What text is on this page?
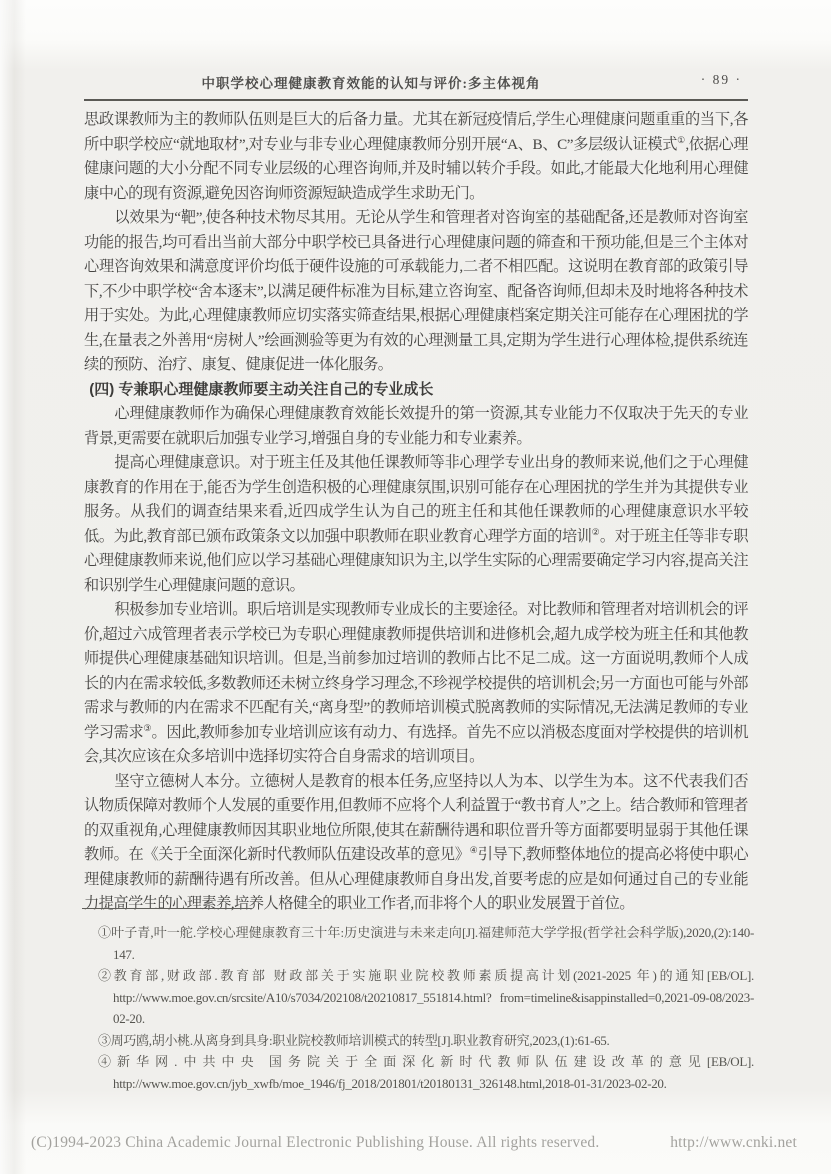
中职学校心理健康教育效能的认知与评价:多主体视角	· 89 ·

思政课教师为主的教师队伍则是巨大的后备力量。尤其在新冠疫情后,学生心理健康问题重重的当下,各所中职学校应“就地取材”,对专业与非专业心理健康教师分别开展“A、B、C”多层级认证模式①,依据心理健康问题的大小分配不同专业层级的心理咨询师,并及时辅以转介手段。如此,才能最大化地利用心理健康中心的现有资源,避免因咨询师资源短缺造成学生求助无门。

以效果为“靶”,使各种技术物尽其用。无论从学生和管理者对咨询室的基础配备,还是教师对咨询室功能的报告,均可看出当前大部分中职学校已具备进行心理健康问题的筛查和干预功能,但是三个主体对心理咨询效果和满意度评价均低于硬件设施的可承载能力,二者不相匹配。这说明在教育部的政策引导下,不少中职学校“舍本逐末”,以满足硬件标准为目标,建立咨询室、配备咨询师,但却未及时地将各种技术用于实处。为此,心理健康教师应切实落实筛查结果,根据心理健康档案定期关注可能存在心理困扰的学生,在量表之外善用“房树人”绘画测验等更为有效的心理测量工具,定期为学生进行心理体检,提供系统连续的预防、治疗、康复、健康促进一体化服务。

(四) 专兼职心理健康教师要主动关注自己的专业成长

心理健康教师作为确保心理健康教育效能长效提升的第一资源,其专业能力不仅取决于先天的专业背景,更需要在就职后加强专业学习,增强自身的专业能力和专业素养。

提高心理健康意识。对于班主任及其他任课教师等非心理学专业出身的教师来说,他们之于心理健康教育的作用在于,能否为学生创造积极的心理健康氛围,识别可能存在心理困扰的学生并为其提供专业服务。从我们的调查结果来看,近四成学生认为自己的班主任和其他任课教师的心理健康意识水平较低。为此,教育部已颁布政策条文以加强中职教师在职业教育心理学方面的培训②。对于班主任等非专职心理健康教师来说,他们应以学习基础心理健康知识为主,以学生实际的心理需要确定学习内容,提高关注和识别学生心理健康问题的意识。

积极参加专业培训。职后培训是实现教师专业成长的主要途径。对比教师和管理者对培训机会的评价,超过六成管理者表示学校已为专职心理健康教师提供培训和进修机会,超九成学校为班主任和其他教师提供心理健康基础知识培训。但是,当前参加过培训的教师占比不足二成。这一方面说明,教师个人成长的内在需求较低,多数教师还未树立终身学习理念,不珍视学校提供的培训机会;另一方面也可能与外部需求与教师的内在需求不匹配有关,“离身型”的教师培训模式脱离教师的实际情况,无法满足教师的专业学习需求③。因此,教师参加专业培训应该有动力、有选择。首先不应以消极态度面对学校提供的培训机会,其次应该在众多培训中选择切实符合自身需求的培训项目。

坚守立德树人本分。立德树人是教育的根本任务,应坚持以人为本、以学生为本。这不代表我们否认物质保障对教师个人发展的重要作用,但教师不应将个人利益置于“教书育人”之上。结合教师和管理者的双重视角,心理健康教师因其职业地位所限,使其在薪酬待遇和职位晋升等方面都要明显弱于其他任课教师。在《关于全面深化新时代教师队伍建设改革的意见》④引导下,教师整体地位的提高必将使中职心理健康教师的薪酬待遇有所改善。但从心理健康教师自身出发,首要考虑的应是如何通过自己的专业能力提高学生的心理素养,培养人格健全的职业工作者,而非将个人的职业发展置于首位。

①叶子青,叶一舵.学校心理健康教育三十年:历史演进与未来走向[J].福建师范大学学报(哲学社会科学版),2020,(2):140-147.

②教育部,财政部.教育部 财政部关于实施职业院校教师素质提高计划(2021-2025 年)的通知[EB/OL]. http://www.moe.gov.cn/srcsite/A10/s7034/202108/t20210817_551814.html? from=timeline&isappinstalled=0,2021-09-08/2023-02-20.

③周巧鸥,胡小桃.从离身到具身:职业院校教师培训模式的转型[J].职业教育研究,2023,(1):61-65.

④新华网.中共中央 国务院关于全面深化新时代教师队伍建设改革的意见[EB/OL]. http://www.moe.gov.cn/jyb_xwfb/moe_1946/fj_2018/201801/t20180131_326148.html,2018-01-31/2023-02-20.

(C)1994-2023 China Academic Journal Electronic Publishing House. All rights reserved.	http://www.cnki.net
